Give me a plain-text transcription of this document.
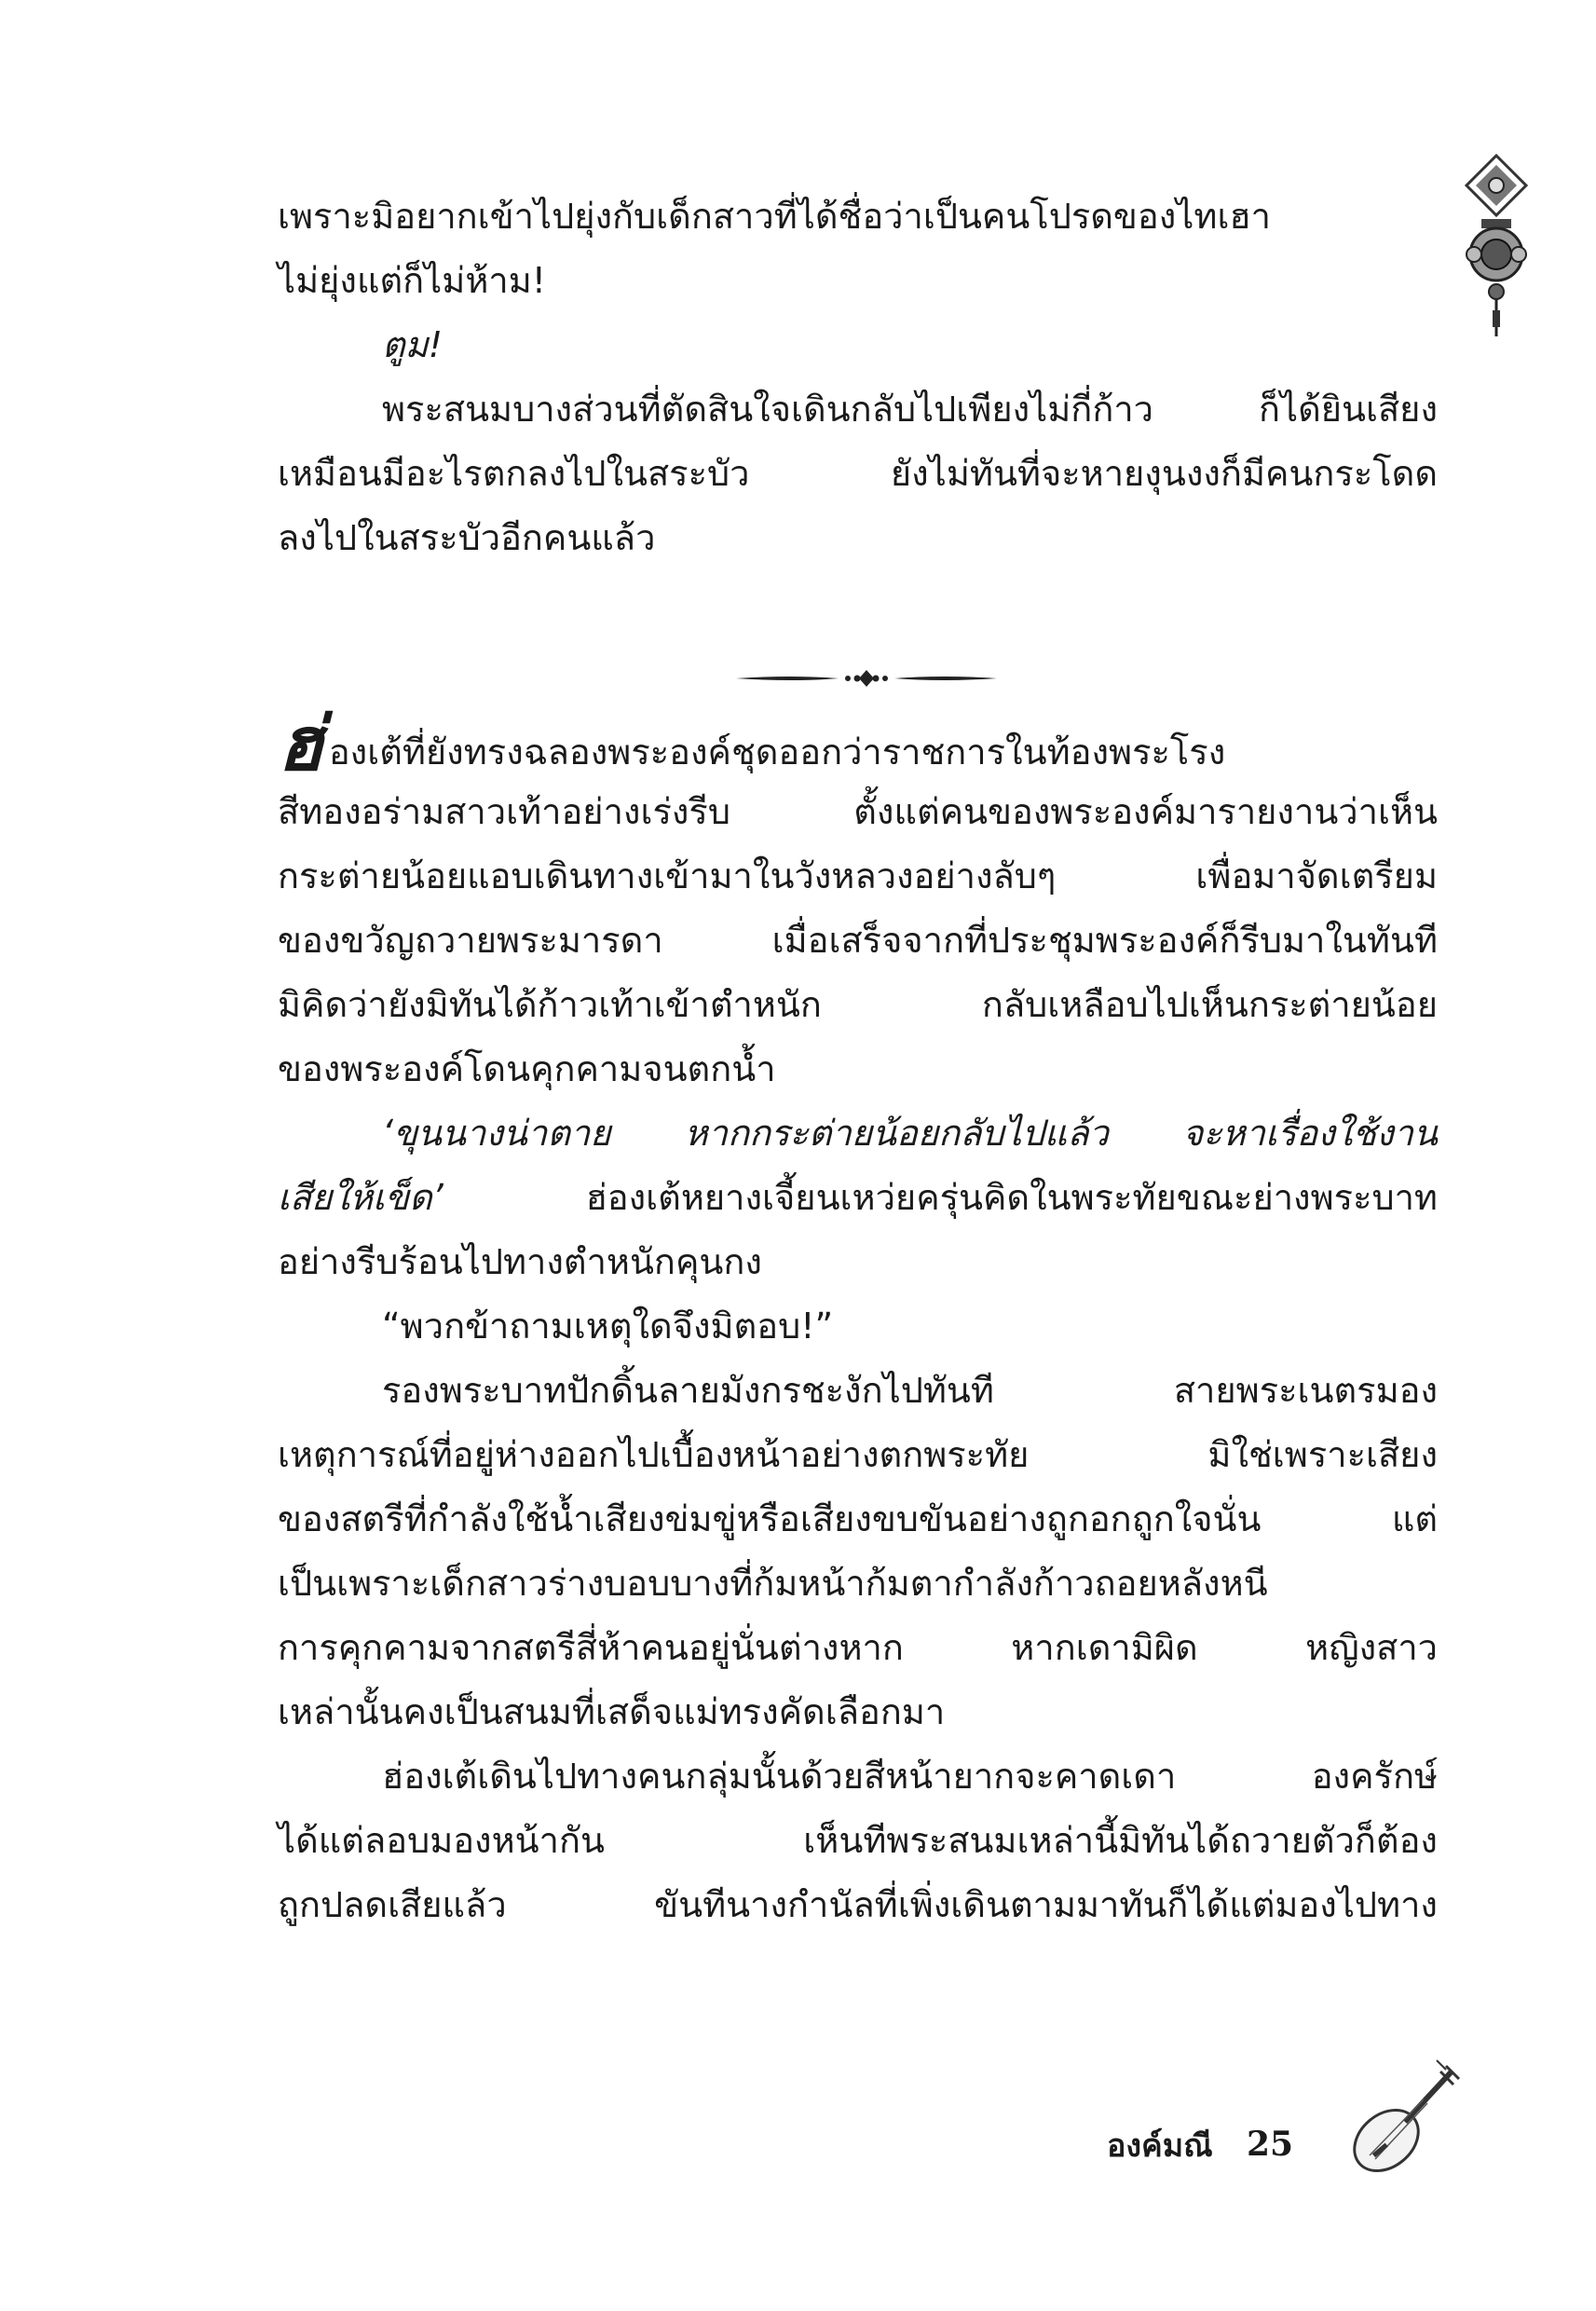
เพราะมิอยากเข้าไปยุ่งกับเด็กสาวที่ได้ชื่อว่าเป็นคนโปรดของไทเฮา
ไม่ยุ่งแต่ก็ไม่ห้าม!
ตูม!
พระสนมบางส่วนที่ตัดสินใจเดินกลับไปเพียงไม่กี่ก้าว ก็ได้ยินเสียง
เหมือนมีอะไรตกลงไปในสระบัว ยังไม่ทันที่จะหายงุนงงก็มีคนกระโดด
ลงไปในสระบัวอีกคนแล้ว
ฮ่องเต้ที่ยังทรงฉลองพระองค์ชุดออกว่าราชการในท้องพระโรง
สีทองอร่ามสาวเท้าอย่างเร่งรีบ ตั้งแต่คนของพระองค์มารายงานว่าเห็น
กระต่ายน้อยแอบเดินทางเข้ามาในวังหลวงอย่างลับๆ เพื่อมาจัดเตรียม
ของขวัญถวายพระมารดา เมื่อเสร็จจากที่ประชุมพระองค์ก็รีบมาในทันที
มิคิดว่ายังมิทันได้ก้าวเท้าเข้าตำหนัก กลับเหลือบไปเห็นกระต่ายน้อย
ของพระองค์โดนคุกคามจนตกน้ำ
‘ขุนนางน่าตาย หากกระต่ายน้อยกลับไปแล้ว จะหาเรื่องใช้งาน
เสียให้เข็ด’ ฮ่องเต้หยางเจี้ยนเหว่ยครุ่นคิดในพระทัยขณะย่างพระบาท
อย่างรีบร้อนไปทางตำหนักคุนกง
“พวกข้าถามเหตุใดจึงมิตอบ!”
รองพระบาทปักดิ้นลายมังกรชะงักไปทันที สายพระเนตรมอง
เหตุการณ์ที่อยู่ห่างออกไปเบื้องหน้าอย่างตกพระทัย มิใช่เพราะเสียง
ของสตรีที่กำลังใช้น้ำเสียงข่มขู่หรือเสียงขบขันอย่างถูกอกถูกใจนั่น แต่
เป็นเพราะเด็กสาวร่างบอบบางที่ก้มหน้าก้มตากำลังก้าวถอยหลังหนี
การคุกคามจากสตรีสี่ห้าคนอยู่นั่นต่างหาก หากเดามิผิด หญิงสาว
เหล่านั้นคงเป็นสนมที่เสด็จแม่ทรงคัดเลือกมา
ฮ่องเต้เดินไปทางคนกลุ่มนั้นด้วยสีหน้ายากจะคาดเดา องครักษ์
ได้แต่ลอบมองหน้ากัน เห็นทีพระสนมเหล่านี้มิทันได้ถวายตัวก็ต้อง
ถูกปลดเสียแล้ว ขันทีนางกำนัลที่เพิ่งเดินตามมาทันก็ได้แต่มองไปทาง
องค์มณี 25
